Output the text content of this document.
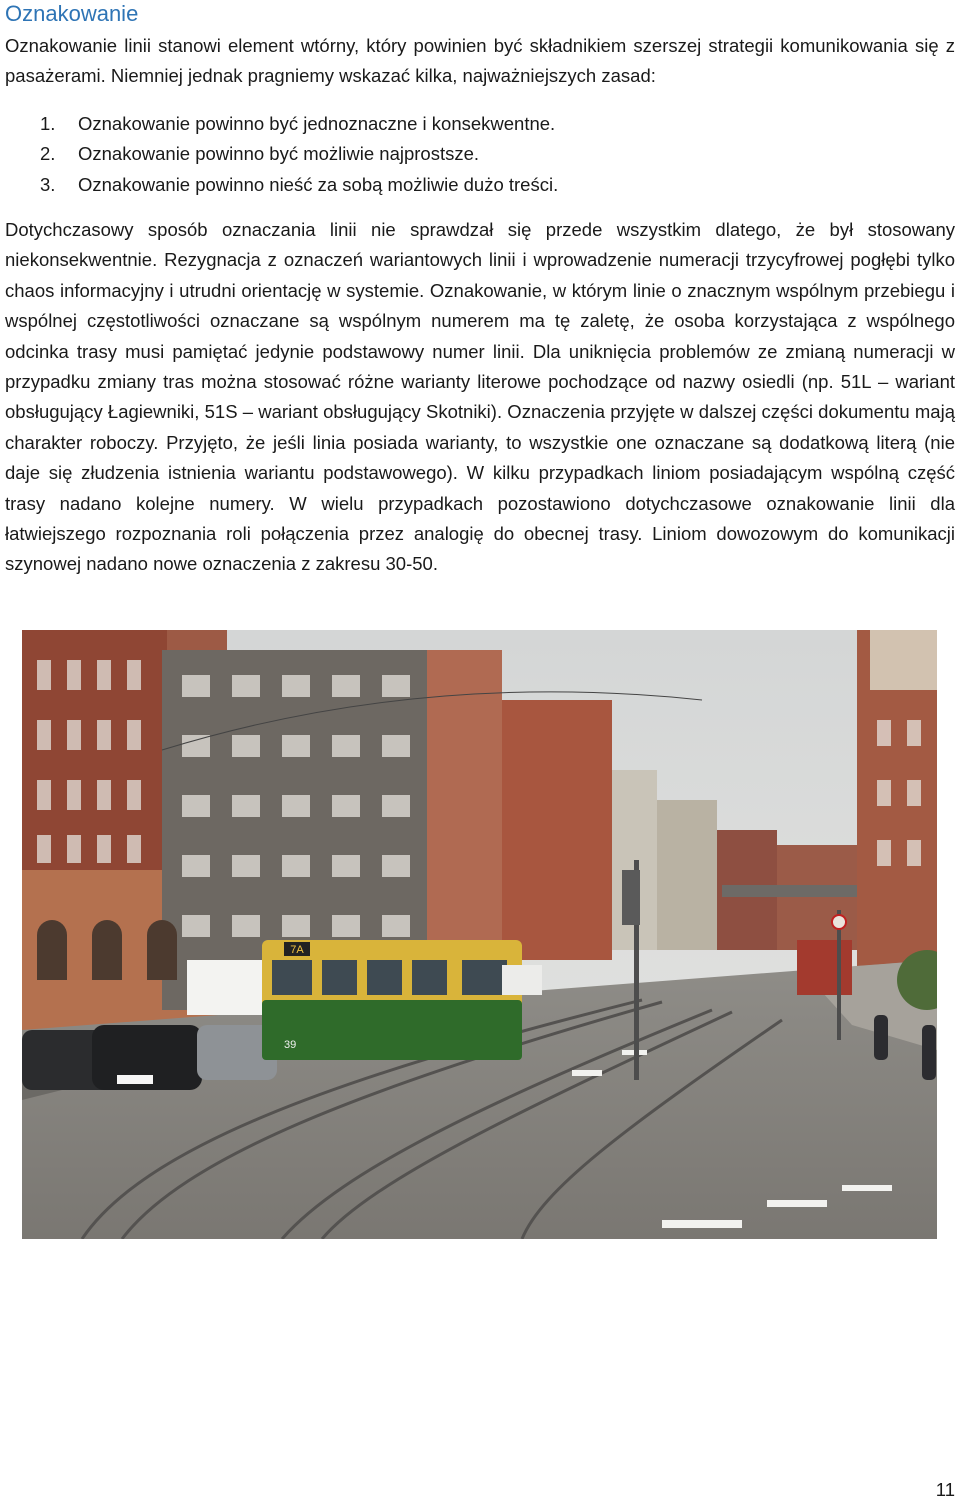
Oznakowanie

Oznakowanie linii stanowi element wtórny, który powinien być składnikiem szerszej strategii komunikowania się z pasażerami. Niemniej jednak pragniemy wskazać kilka, najważniejszych zasad:

1.	Oznakowanie powinno być jednoznaczne i konsekwentne.
2.	Oznakowanie powinno być możliwie najprostsze.
3.	Oznakowanie powinno nieść za sobą możliwie dużo treści.

Dotychczasowy sposób oznaczania linii nie sprawdzał się przede wszystkim dlatego, że był stosowany niekonsekwentnie. Rezygnacja z oznaczeń wariantowych linii i wprowadzenie numeracji trzycyfrowej pogłębi tylko chaos informacyjny i utrudni orientację w systemie. Oznakowanie, w którym linie o znacznym wspólnym przebiegu i wspólnej częstotliwości oznaczane są wspólnym numerem ma tę zaletę, że osoba korzystająca z wspólnego odcinka trasy musi pamiętać jedynie podstawowy numer linii. Dla uniknięcia problemów ze zmianą numeracji w przypadku zmiany tras można stosować różne warianty literowe pochodzące od nazwy osiedli (np. 51L – wariant obsługujący Łagiewniki, 51S – wariant obsługujący Skotniki). Oznaczenia przyjęte w dalszej części dokumentu mają charakter roboczy. Przyjęto, że jeśli linia posiada warianty, to wszystkie one oznaczane są dodatkową literą (nie daje się złudzenia istnienia wariantu podstawowego). W kilku przypadkach liniom posiadającym wspólną część trasy nadano kolejne numery. W wielu przypadkach pozostawiono dotychczasowe oznakowanie linii dla łatwiejszego rozpoznania roli połączenia przez analogię do obecnej trasy. Liniom dowozowym do komunikacji szynowej nadano nowe oznaczenia z zakresu 30-50.

7A
39
11
